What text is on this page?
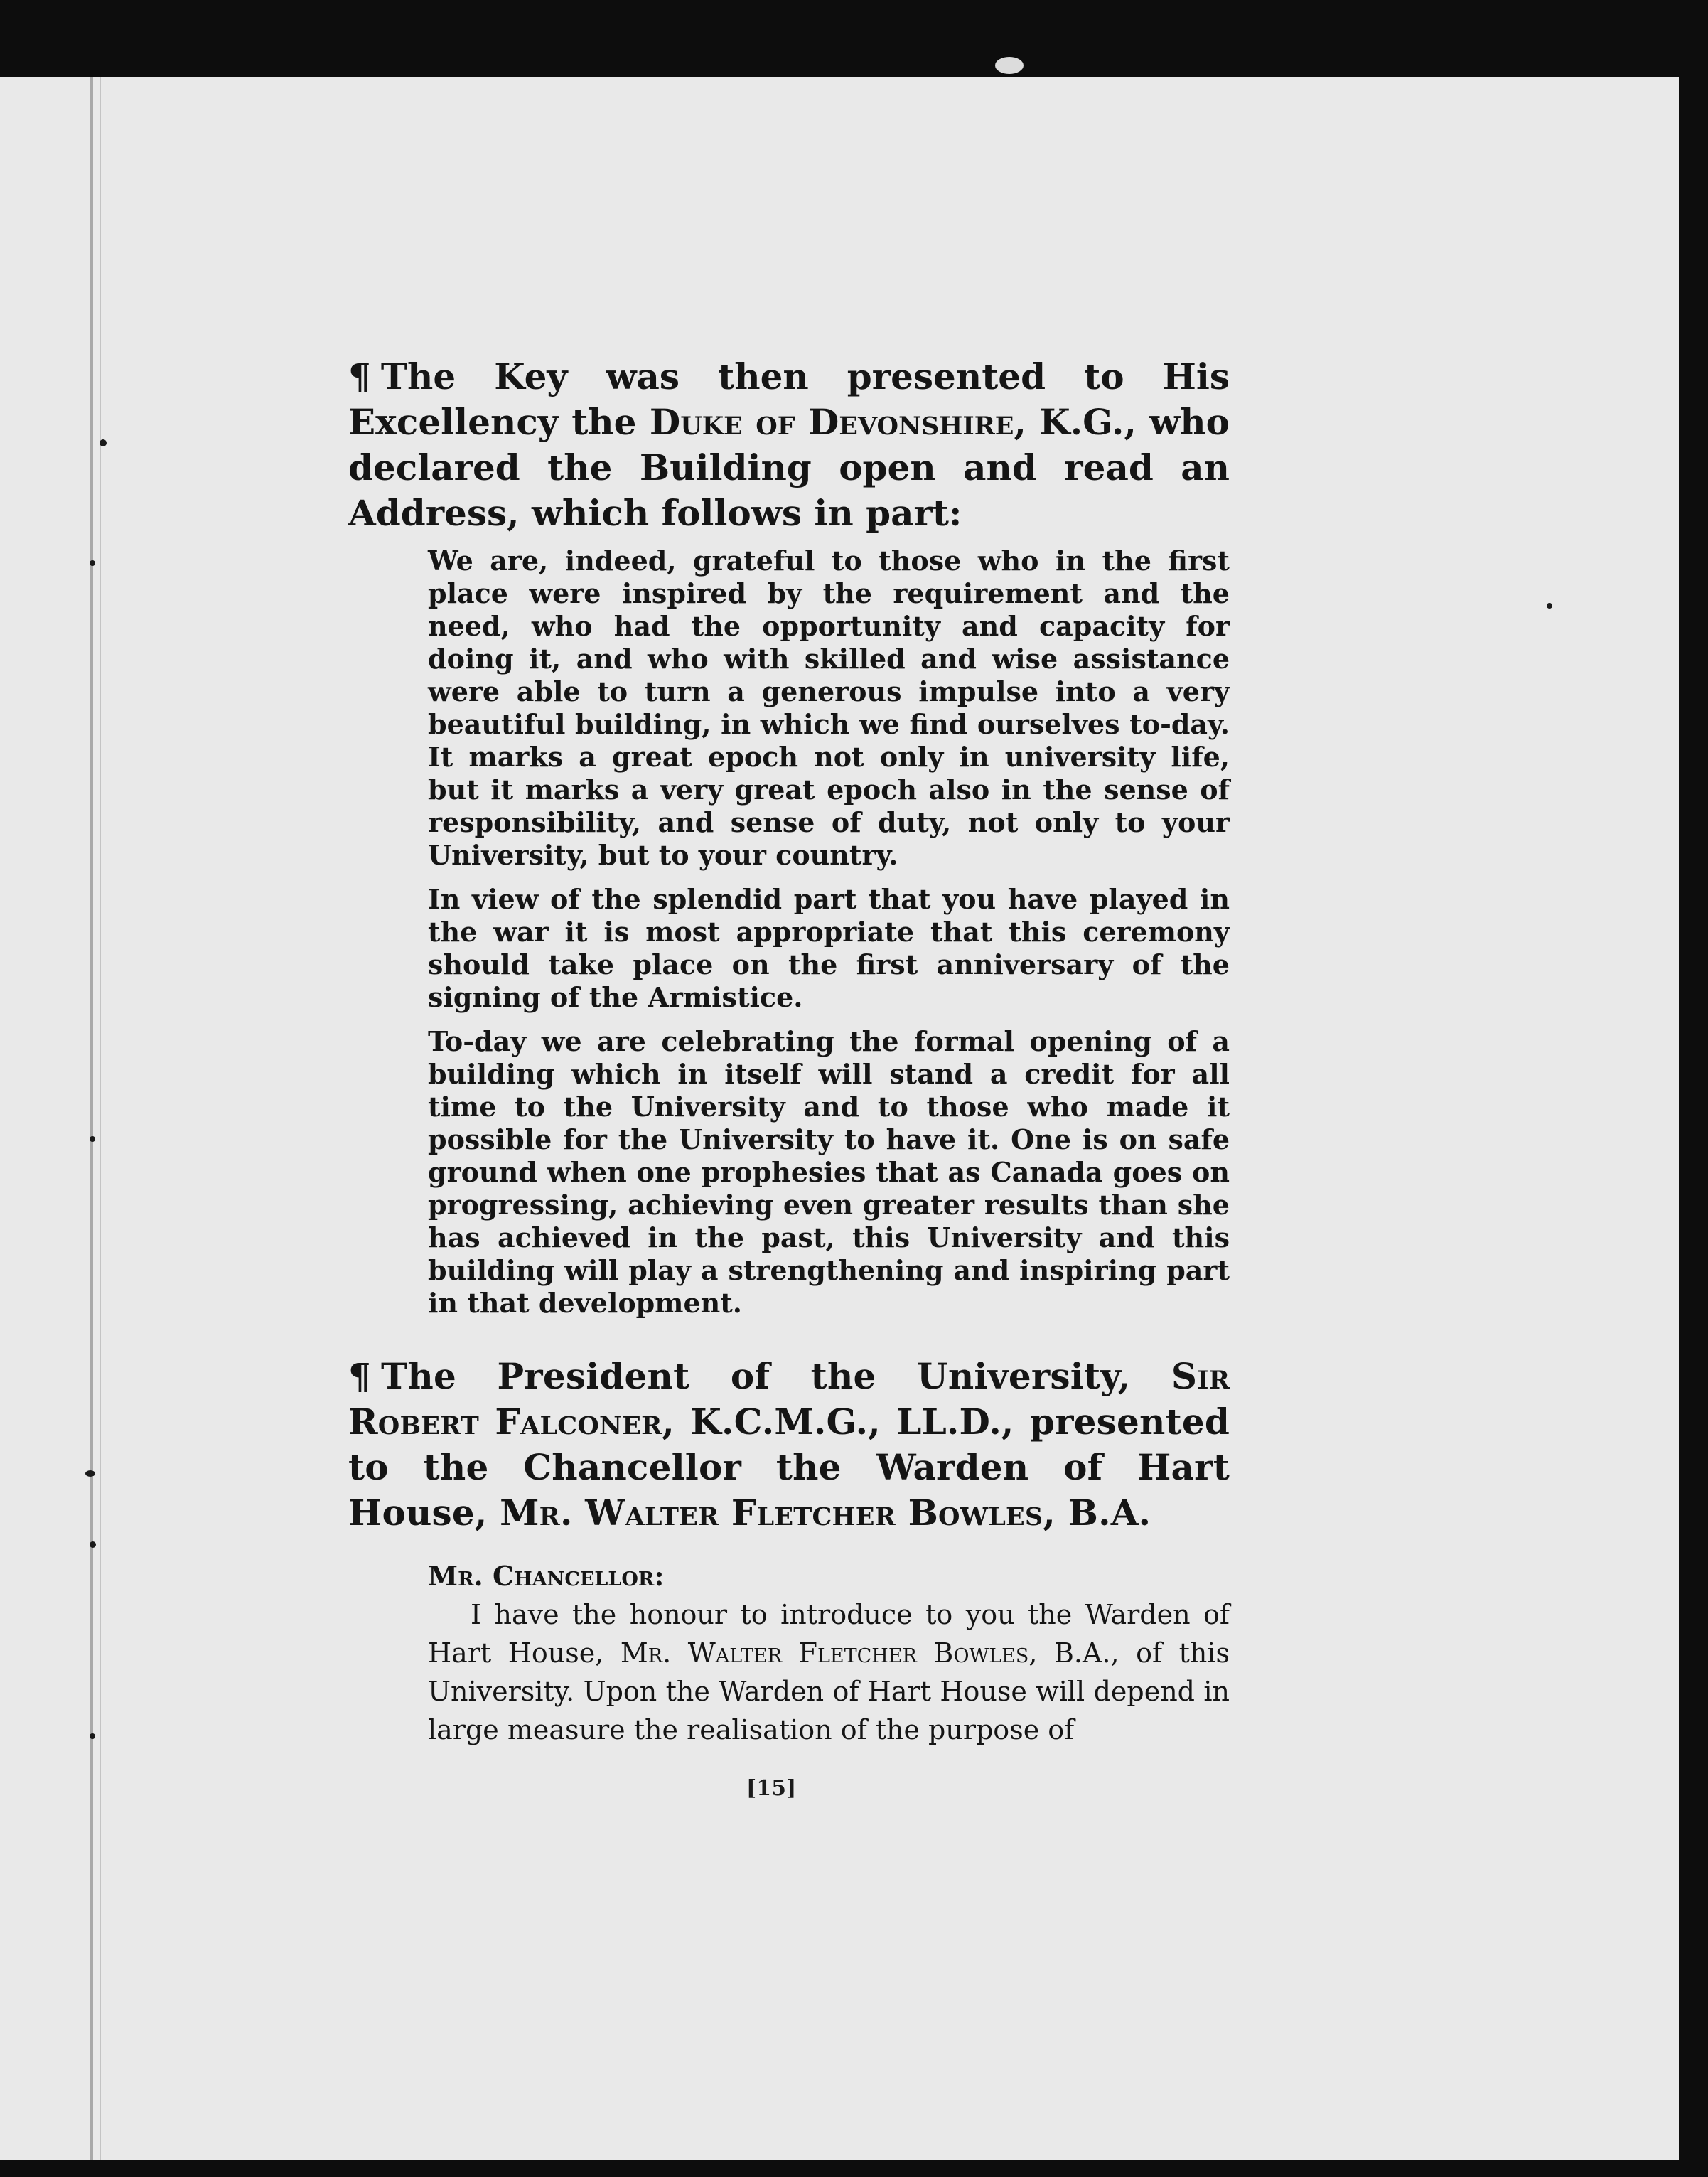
¶ The Key was then presented to His Excellency the Duke of Devonshire, K.G., who declared the Building open and read an Address, which follows in part:

We are, indeed, grateful to those who in the first place were inspired by the requirement and the need, who had the opportunity and capacity for doing it, and who with skilled and wise assistance were able to turn a generous impulse into a very beautiful building, in which we find ourselves to-day. It marks a great epoch not only in university life, but it marks a very great epoch also in the sense of responsibility, and sense of duty, not only to your University, but to your country.

In view of the splendid part that you have played in the war it is most appropriate that this ceremony should take place on the first anniversary of the signing of the Armistice.

To-day we are celebrating the formal opening of a building which in itself will stand a credit for all time to the University and to those who made it possible for the University to have it. One is on safe ground when one prophesies that as Canada goes on progressing, achieving even greater results than she has achieved in the past, this University and this building will play a strengthening and inspiring part in that development.

¶ The President of the University, Sir Robert Falconer, K.C.M.G., LL.D., presented to the Chancellor the Warden of Hart House, Mr. Walter Fletcher Bowles, B.A.

Mr. Chancellor:

I have the honour to introduce to you the Warden of Hart House, Mr. Walter Fletcher Bowles, B.A., of this University. Upon the Warden of Hart House will depend in large measure the realisation of the purpose of

[15]
